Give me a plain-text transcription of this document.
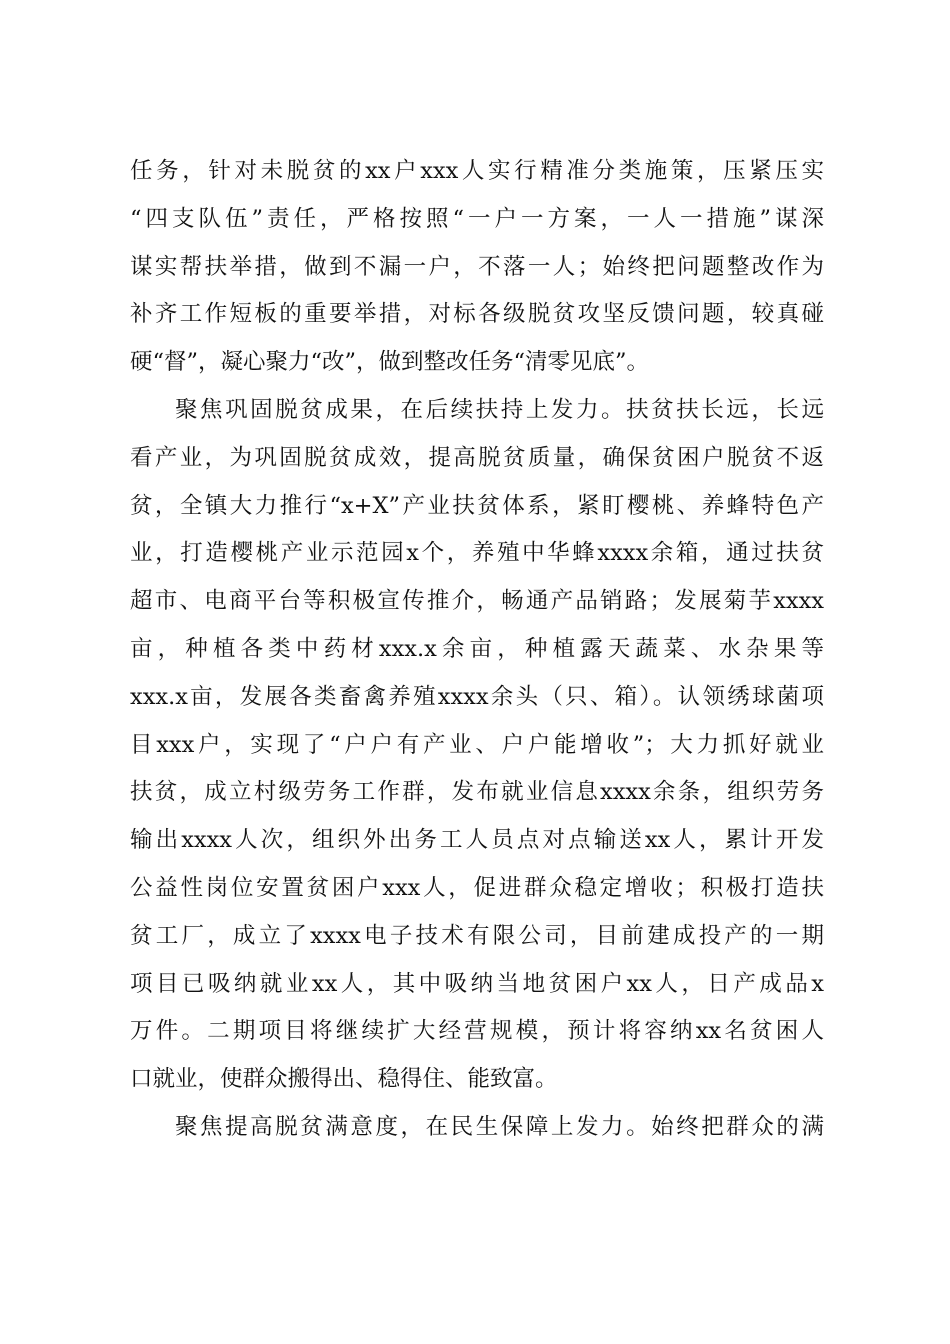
任务，针对未脱贫的xx户xxx人实行精准分类施策，压紧压实
“四支队伍”责任，严格按照“一户一方案，一人一措施”谋深
谋实帮扶举措，做到不漏一户，不落一人；始终把问题整改作为
补齐工作短板的重要举措，对标各级脱贫攻坚反馈问题，较真碰
硬“督”，凝心聚力“改”，做到整改任务“清零见底”。
聚焦巩固脱贫成果，在后续扶持上发力。扶贫扶长远，长远
看产业，为巩固脱贫成效，提高脱贫质量，确保贫困户脱贫不返
贫，全镇大力推行“x+X”产业扶贫体系，紧盯樱桃、养蜂特色产
业，打造樱桃产业示范园x个，养殖中华蜂xxxx余箱，通过扶贫
超市、电商平台等积极宣传推介，畅通产品销路；发展菊芋xxxx
亩，种植各类中药材xxx.x余亩，种植露天蔬菜、水杂果等
xxx.x亩，发展各类畜禽养殖xxxx余头（只、箱）。认领绣球菌项
目xxx户，实现了“户户有产业、户户能增收”；大力抓好就业
扶贫，成立村级劳务工作群，发布就业信息xxxx余条，组织劳务
输出xxxx人次，组织外出务工人员点对点输送xx人，累计开发
公益性岗位安置贫困户xxx人，促进群众稳定增收；积极打造扶
贫工厂，成立了xxxx电子技术有限公司，目前建成投产的一期
项目已吸纳就业xx人，其中吸纳当地贫困户xx人，日产成品x
万件。二期项目将继续扩大经营规模，预计将容纳xx名贫困人
口就业，使群众搬得出、稳得住、能致富。
聚焦提高脱贫满意度，在民生保障上发力。始终把群众的满
